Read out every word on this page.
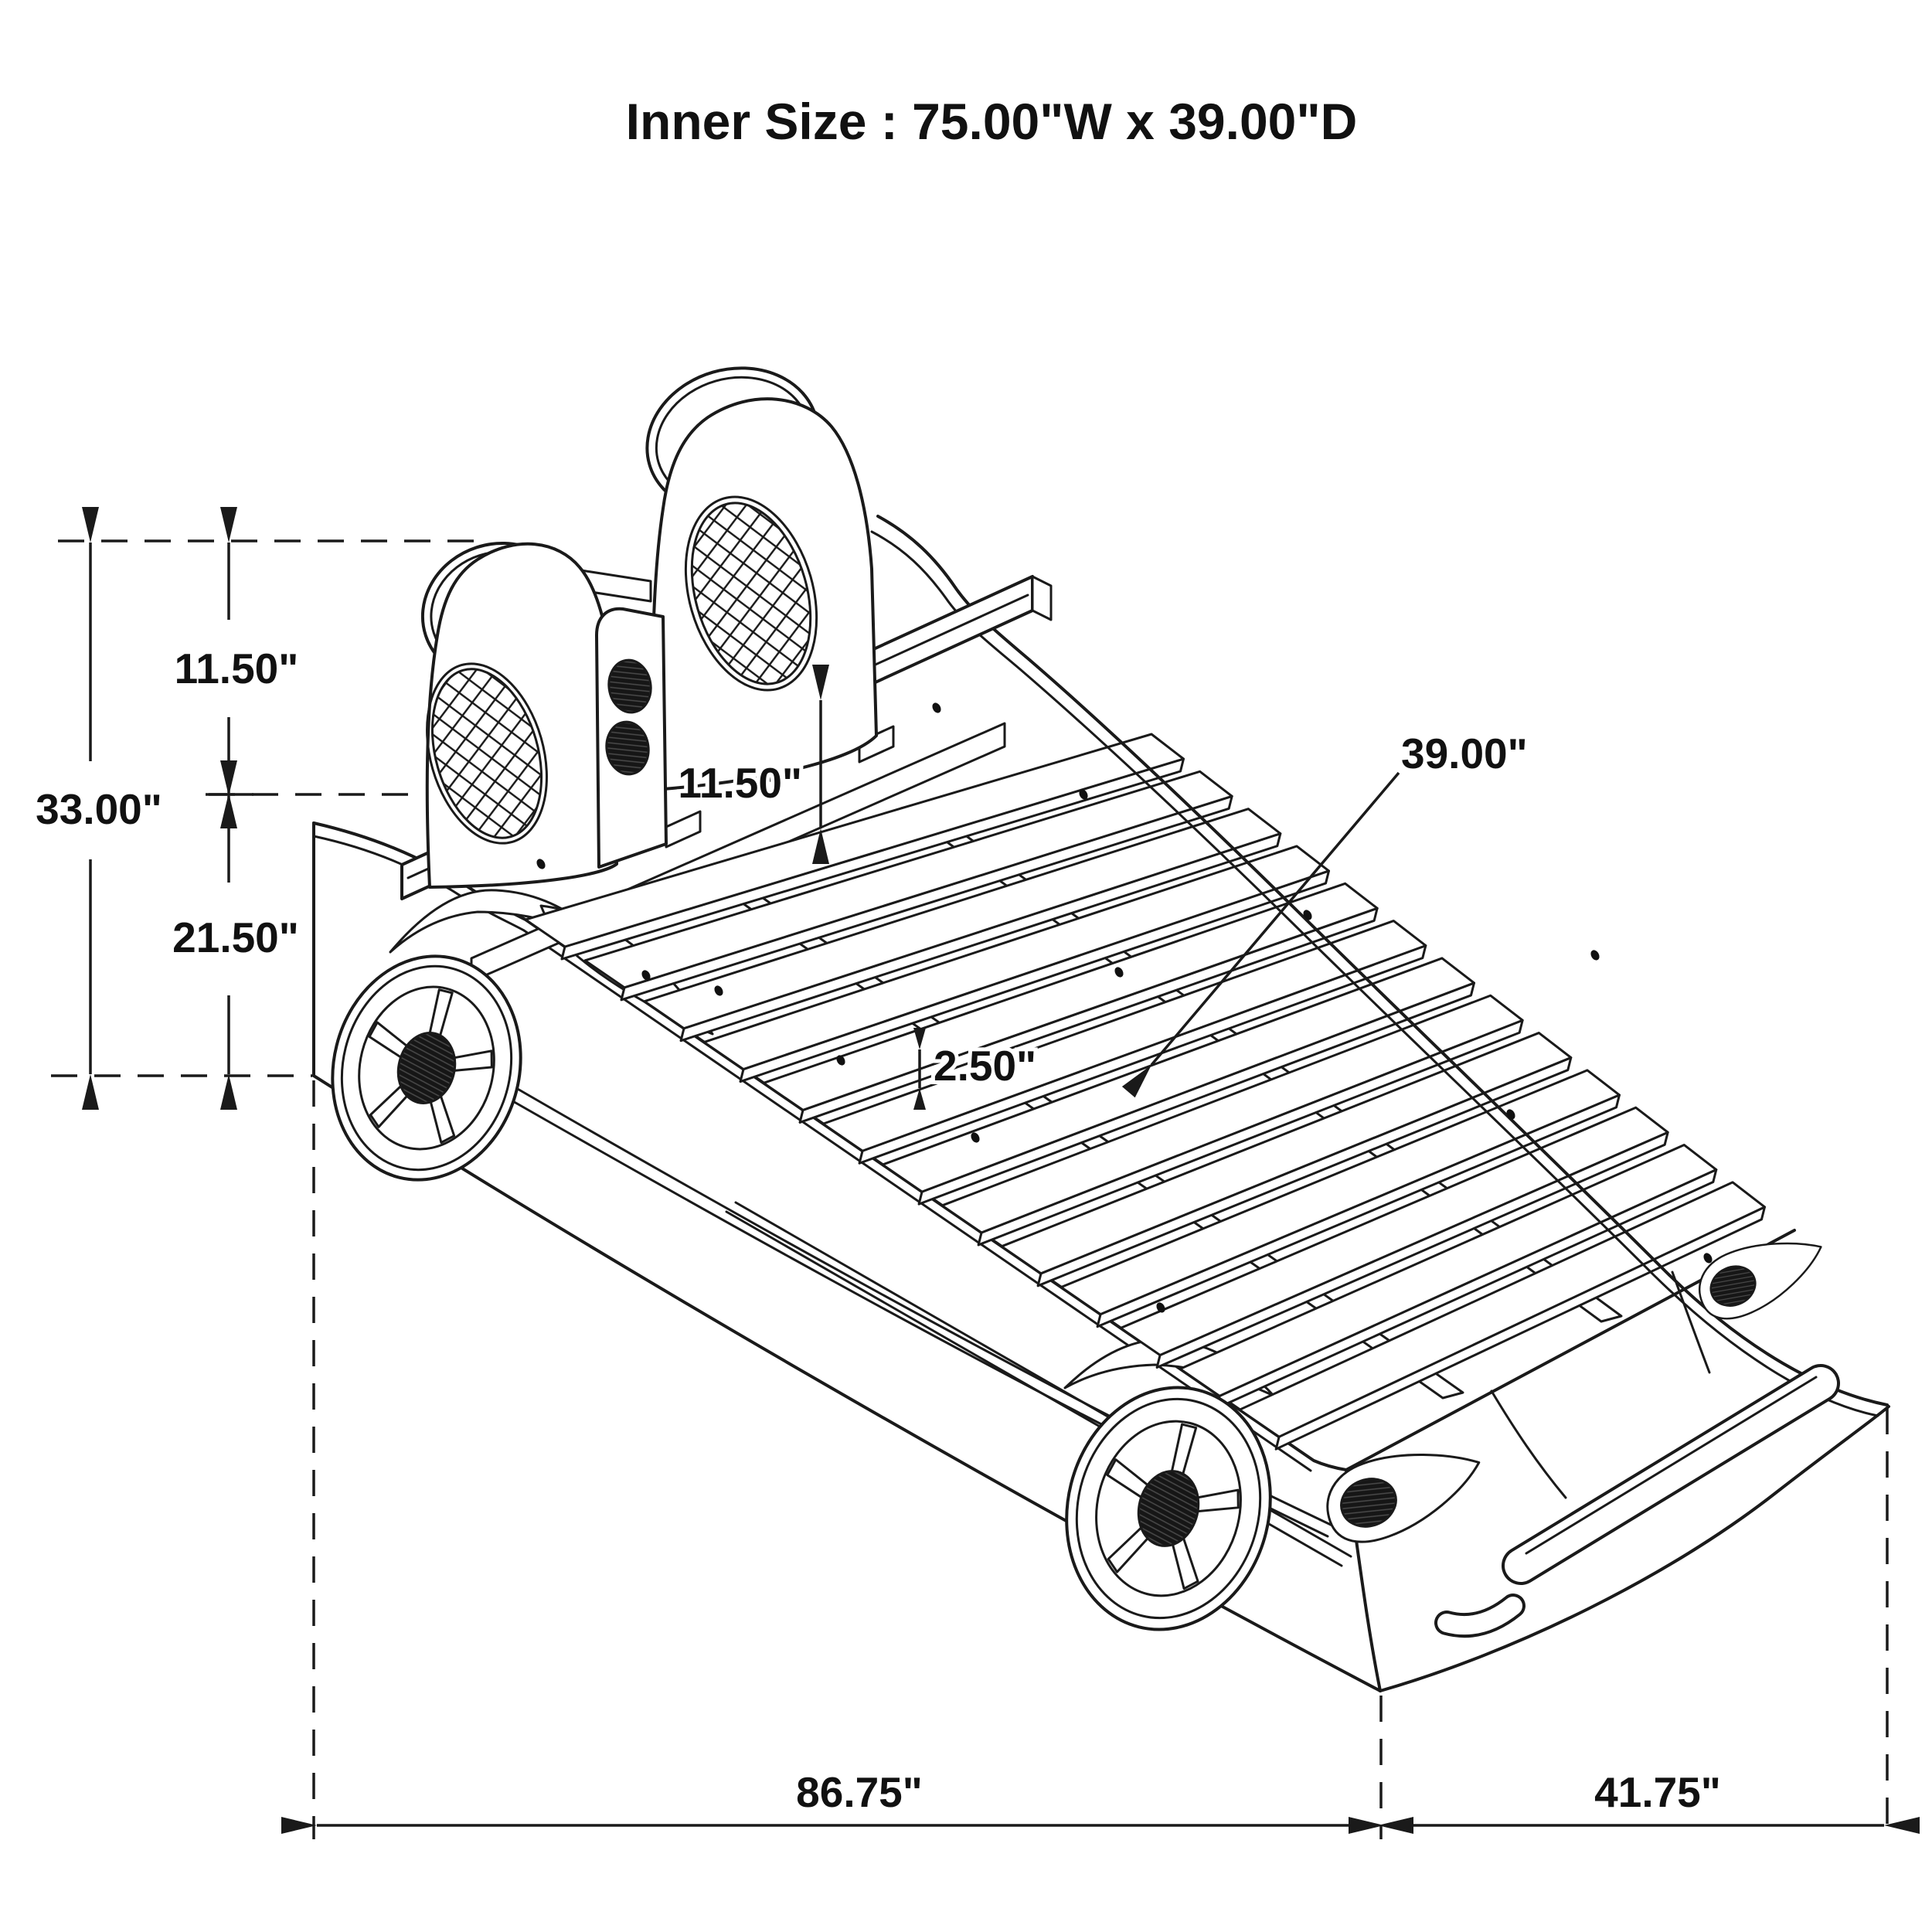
33.00"
11.50"
21.50"
11.50"
2.50"
39.00"
86.75"	41.75"
Inner Size : 75.00"W x 39.00"D
